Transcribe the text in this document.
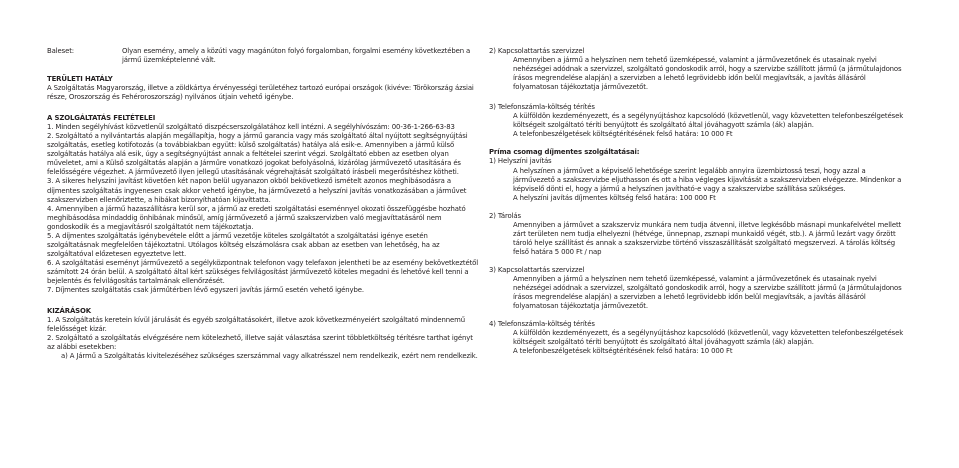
Baleset:	Olyan esemény, amely a közúti vagy magánúton folyó forgalomban, forgalmi esemény következtében a jármű üzemképtelenné vált.

TERÜLETI HATÁLY

A Szolgáltatás Magyarország, illetve a zöldkártya érvényességi területéhez tartozó európai országok (kivéve: Törökország ázsiai része, Oroszország és Fehéroroszország) nyilvános útjain vehető igénybe.

A SZOLGÁLTATÁS FELTÉTELEI

1. Minden segélyhívást közvetlenül szolgáltató diszpécserszolgálatához kell intézni. A segélyhívószám: 00-36-1-266-63-83

2. Szolgáltató a nyilvántartás alapján megállapítja, hogy a jármű garancia vagy más szolgáltató által nyújtott segítségnyújtási szolgáltatás, esetleg kotifotozás (a továbbiakban együtt: külső szolgáltatás) hatálya alá esik-e. Amennyiben a jármű külső szolgáltatás hatálya alá esik, úgy a segítségnyújtást annak a feltételei szerint végzi. Szolgáltató ebben az esetben olyan műveletet, ami a Külső szolgáltatás alapján a Járműre vonatkozó jogokat befolyásolná, kizárólag járművezető utasítására és felelősségére végezhet. A járművezető ilyen jellegű utasításának végrehajtását szolgáltató írásbeli megerősítéshez kötheti.

3. A sikeres helyszíni javítást követően két napon belül ugyanazon okból bekövetkező ismételt azonos meghibásodásra a díjmentes szolgáltatás ingyenesen csak akkor vehető igénybe, ha járművezető a helyszíni javítás vonatkozásában a járművet szakszervizben ellenőriztette, a hibákat bizonyíthatóan kijavíttatta.

4. Amennyiben a jármű hazaszállításra kerül sor, a jármű az eredeti szolgáltatási eseménnyel okozati összefüggésbe hozható meghibásodása mindaddig önhibának minősül, amíg járművezető a jármű szakszervizben való megjavíttatásáról nem gondoskodik és a megjavításról szolgáltatót nem tájékoztatja.

5. A díjmentes szolgáltatás igénybevétele előtt a jármű vezetője köteles szolgáltatót a szolgáltatási igénye esetén szolgáltatásnak megfelelően tájékoztatni. Utólagos költség elszámolásra csak abban az esetben van lehetőség, ha az szolgáltatóval előzetesen egyeztetve lett.

6. A szolgáltatási eseményt járművezető a segélyközpontnak telefonon vagy telefaxon jelentheti be az esemény bekövetkeztétől számított 24 órán belül. A szolgáltató által kért szükséges felvilágosítást járművezető köteles megadni és lehetővé kell tenni a bejelentés és felvilágosítás tartalmának ellenőrzését.

7. Díjmentes szolgáltatás csak járműtérben lévő egyszeri javítás jármű esetén vehető igénybe.

KIZÁRÁSOK

1. A Szolgáltatás keretein kívül járulását és egyéb szolgáltatásokért, illetve azok következményeiért szolgáltató mindennemű felelősséget kizár.

2. Szolgáltató a szolgáltatás elvégzésére nem kötelezhető, illetve saját választása szerint többletköltség térítésre tarthat igényt az alábbi esetekben:

a) A Jármű a Szolgáltatás kivitelezéséhez szükséges szerszámmal vagy alkatrésszel nem rendelkezik, ezért nem rendelkezik.

2) Kapcsolattartás szervizzel

Amennyiben a jármű a helyszínen nem tehető üzemképessé, valamint a járművezetőnek és utasainak nyelvi nehézségei adódnak a szervizzel, szolgáltató gondoskodik arról, hogy a szervizbe szállított jármű (a járműtulajdonos írásos megrendelése alapján) a szervizben a lehető legrövidebb időn belül megjavítsák, a javítás állásáról folyamatosan tájékoztatja járművezetőt.

3) Telefonszámla-költség térítés

A külföldön kezdeményezett, és a segélynyújtáshoz kapcsolódó (közvetlenül, vagy közvetetten telefonbeszélgetések költségeit szolgáltató téríti benyújtott és szolgáltató által jóváhagyott számla (ák) alapján.

A telefonbeszélgetések költségtérítésének felső határa: 10 000 Ft

Príma csomag díjmentes szolgáltatásai:

1) Helyszíni javítás

A helyszínen a járművet a képviselő lehetősége szerint legalább annyira üzembiztossá teszi, hogy azzal a járművezető a szakszervizbe eljuthasson és ott a hiba végleges kijavítását a szakszervizben elvégezze. Mindenkor a képviselő dönti el, hogy a jármű a helyszínen javítható-e vagy a szakszervizbe szállítása szükséges.

A helyszíni javítás díjmentes költség felső határa: 100 000 Ft

2) Tárolás

Amennyiben a járművet a szakszerviz munkára nem tudja átvenni, illetve legkésőbb másnapi munkafelvétel mellett zárt területen nem tudja elhelyezni (hétvége, ünnepnap, zsznapi munkaidő végét, stb.). A jármű lezárt vagy őrzött tároló helye szállítást és annak a szakszervizbe történő visszaszállítását szolgáltató megszervezi. A tárolás költség felső határa 5 000 Ft / nap

3) Kapcsolattartás szervizzel

Amennyiben a jármű a helyszínen nem tehető üzemképessé, valamint a járművezetőnek és utasainak nyelvi nehézségei adódnak a szervizzel, szolgáltató gondoskodik arról, hogy a szervizbe szállított jármű (a Járműtulajdonos írásos megrendelése alapján) a szervizben a lehető legrövidebb időn belül megjavítsák, a javítás állásáról folyamatosan tájékoztatja járművezetőt.

4) Telefonszámla-költség térítés

A külföldön kezdeményezett, és a segélynyújtáshoz kapcsolódó (közvetlenül, vagy közvetetten telefonbeszélgetések költségeit szolgáltató téríti benyújtott és szolgáltató által jóváhagyott számla (ák) alapján.

A telefonbeszélgetések költségtérítésének felső határa: 10 000 Ft
